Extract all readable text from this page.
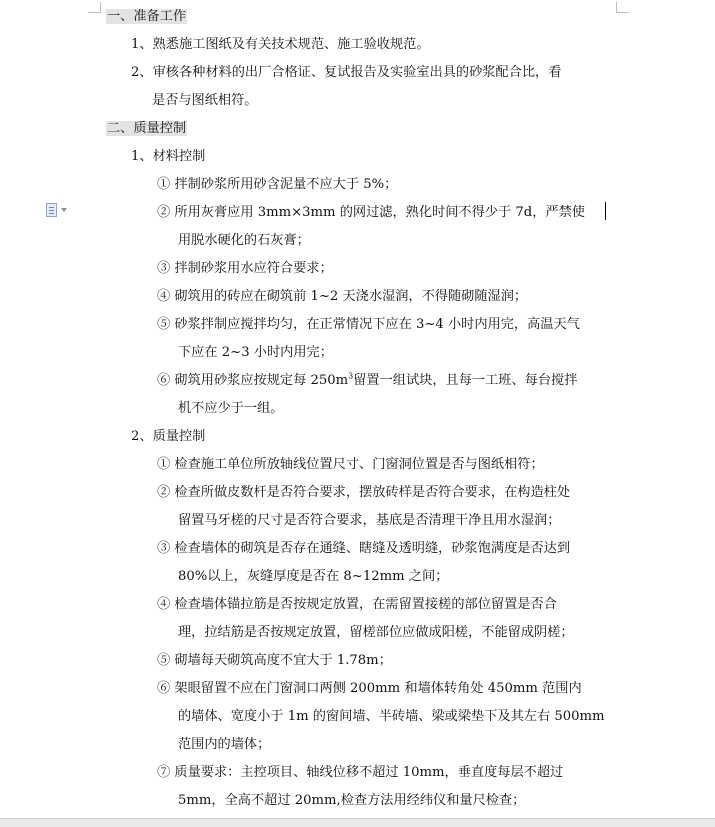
一、准备工作
1、熟悉施工图纸及有关技术规范、施工验收规范。
2、审核各种材料的出厂合格证、复试报告及实验室出具的砂浆配合比，看
是否与图纸相符。
二、质量控制
1、材料控制
① 拌制砂浆所用砂含泥量不应大于 5%；
② 所用灰膏应用 3mm×3mm 的网过滤，熟化时间不得少于 7d，严禁使
用脱水硬化的石灰膏；
③ 拌制砂浆用水应符合要求；
④ 砌筑用的砖应在砌筑前 1~2 天浇水湿润，不得随砌随湿润；
⑤ 砂浆拌制应搅拌均匀，在正常情况下应在 3~4 小时内用完，高温天气
下应在 2~3 小时内用完；
⑥ 砌筑用砂浆应按规定每 $250m^3$留置一组试块，且每一工班、每台搅拌
机不应少于一组。
2、质量控制
① 检查施工单位所放轴线位置尺寸、门窗洞位置是否与图纸相符；
② 检查所做皮数杆是否符合要求，摆放砖样是否符合要求，在构造柱处
留置马牙槎的尺寸是否符合要求，基底是否清理干净且用水湿润；
③ 检查墙体的砌筑是否存在通缝、瞎缝及透明缝，砂浆饱满度是否达到
80%以上，灰缝厚度是否在 8~12mm 之间；
④ 检查墙体锚拉筋是否按规定放置，在需留置接槎的部位留置是否合
理，拉结筋是否按规定放置，留槎部位应做成阳槎，不能留成阴槎；
⑤ 砌墙每天砌筑高度不宜大于 1.78m；
⑥ 架眼留置不应在门窗洞口两侧 200mm 和墙体转角处 450mm 范围内
的墙体、宽度小于 1m 的窗间墙、半砖墙、梁或梁垫下及其左右 500mm
范围内的墙体；
⑦ 质量要求：主控项目、轴线位移不超过 10mm，垂直度每层不超过
5mm，全高不超过 20mm,检查方法用经纬仪和量尺检查；
